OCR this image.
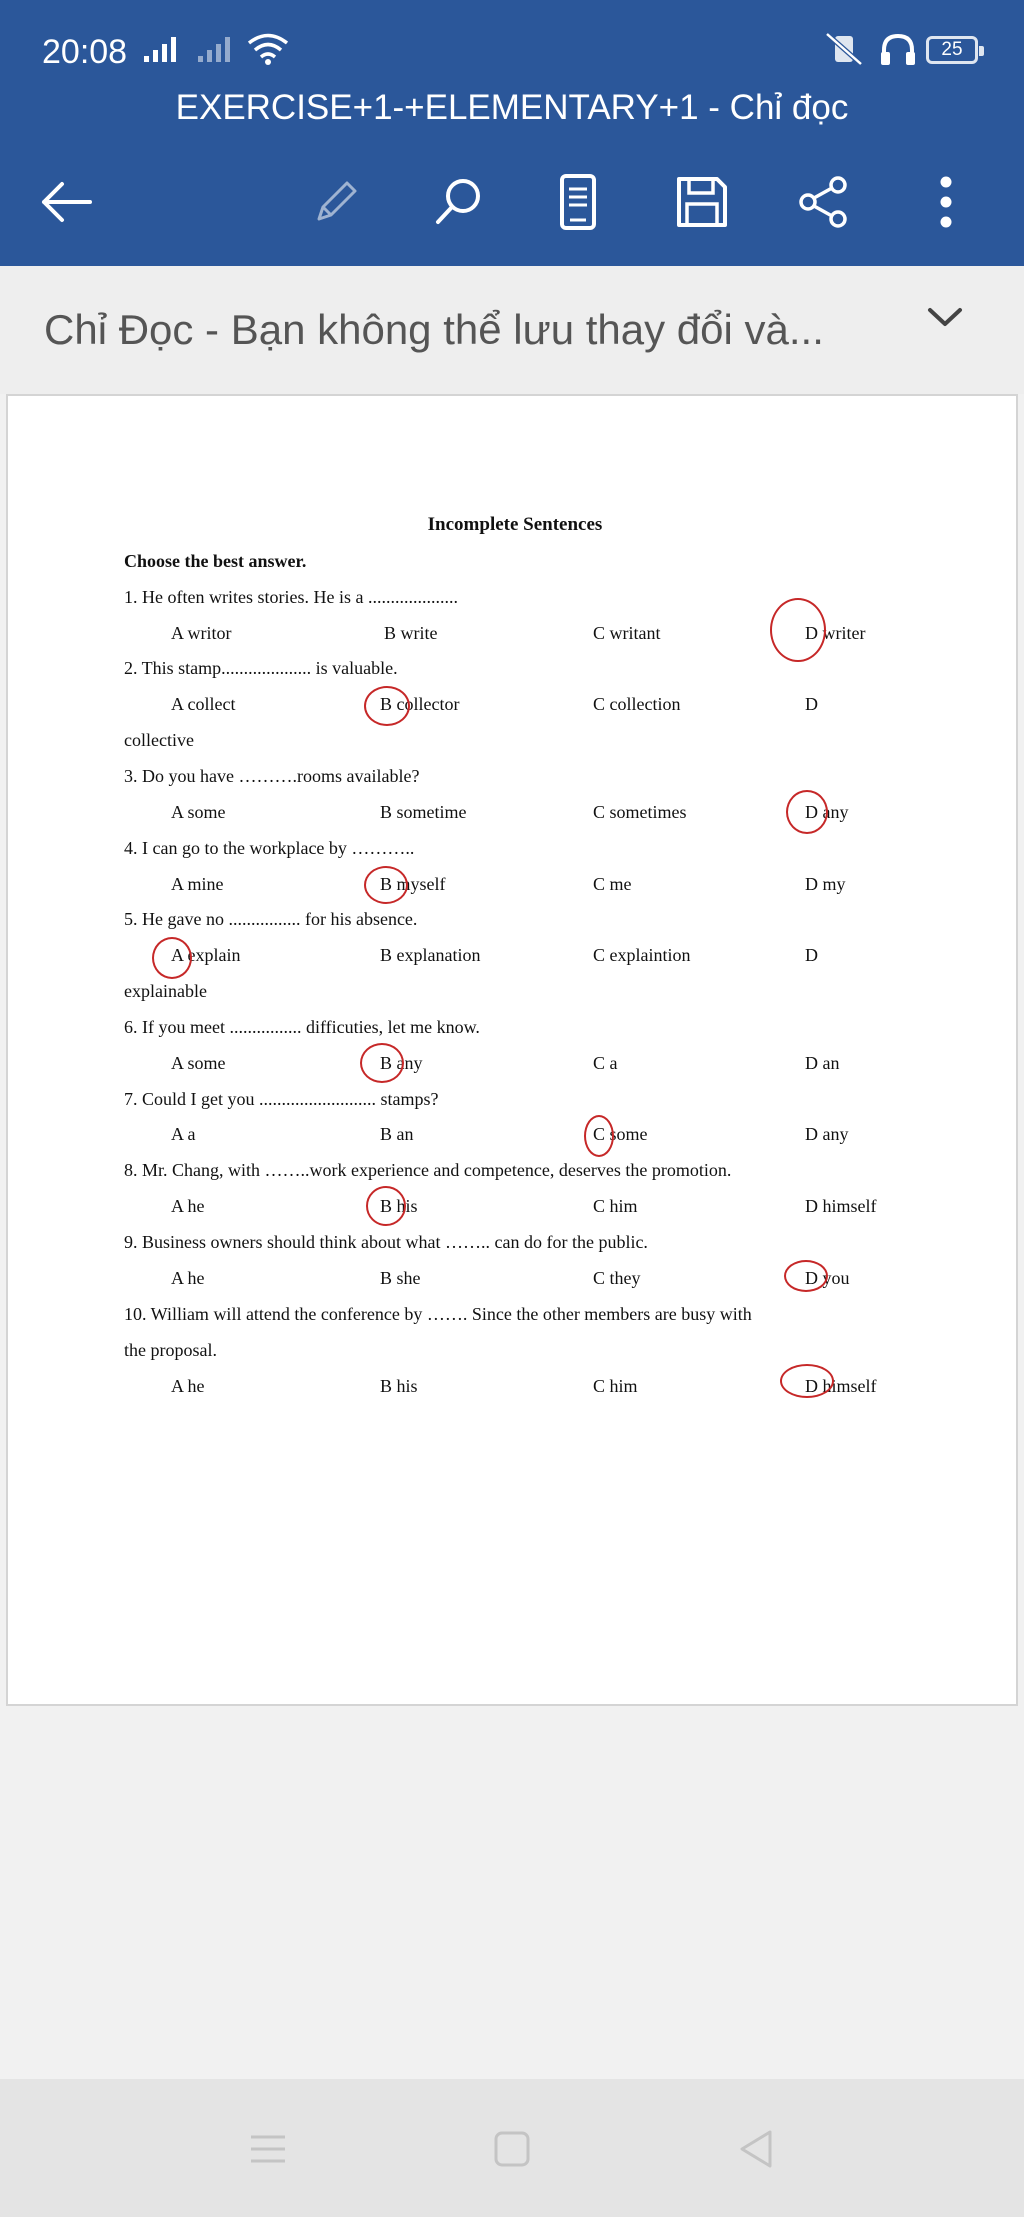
20:08	25
EXERCISE+1-+ELEMENTARY+1 - Chỉ đọc
Chỉ Đọc - Bạn không thể lưu thay đổi và...
Incomplete Sentences
Choose the best answer.
1. He often writes stories. He is a ....................
A writor	B write	C writant	D writer
2. This stamp.................... is valuable.
A collect	B collector	C collection	D
collective
3. Do you have ……….rooms available?
A some	B sometime	C sometimes	D any
4. I can go to the workplace by ………..
A mine	B myself	C me	D my
5. He gave no ................ for his absence.
A explain	B explanation	C explaintion	D
explainable
6. If you meet ................ difficuties, let me know.
A some	B any	C a	D an
7. Could I get you .......................... stamps?
A a	B an	C some	D any
8. Mr. Chang, with ……..work experience and competence, deserves the promotion.
A he	B his	C him	D himself
9. Business owners should think about what …….. can do for the public.
A he	B she	C they	D you
10. William will attend the conference by ……. Since the other members are busy with
the proposal.
A he	B his	C him	D himself
